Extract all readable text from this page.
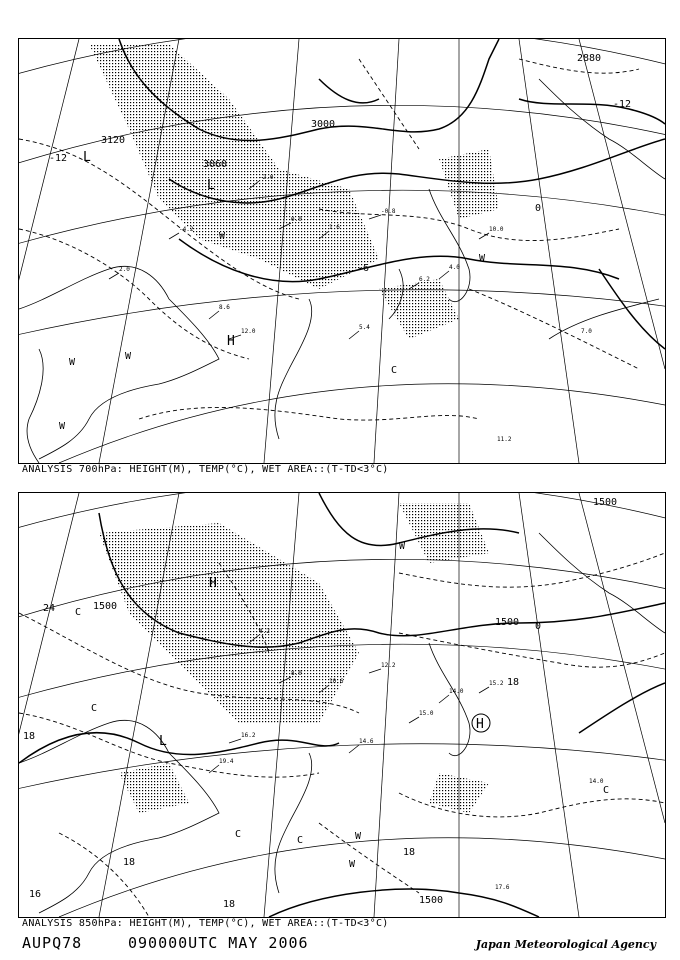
-2.0
0.0
1.6
-0.8
6.2
4.0
8.6
12.0
10.0
5.4
2.0
-4.2
11.2
7.0
3000
3120
3060
2880
-12
-12
0
-6
L
L
H
W
W
W
C
W
W
ANALYSIS 700hPa: HEIGHT(M), TEMP(°C), WET AREA::(T-TD<3°C)
4.2
8.0
10.6
12.2
15.0
14.0
19.4
16.2
15.2
14.6
17.6
14.0
1500
1500
1500
1500
24
18
18
18
0
18
18
16
H
H
L
C
W
C
W
C
C
W
C
ANALYSIS 850hPa: HEIGHT(M), TEMP(°C), WET AREA::(T-TD<3°C)
AUPQ78	090000UTC MAY 2006	Japan Meteorological Agency
